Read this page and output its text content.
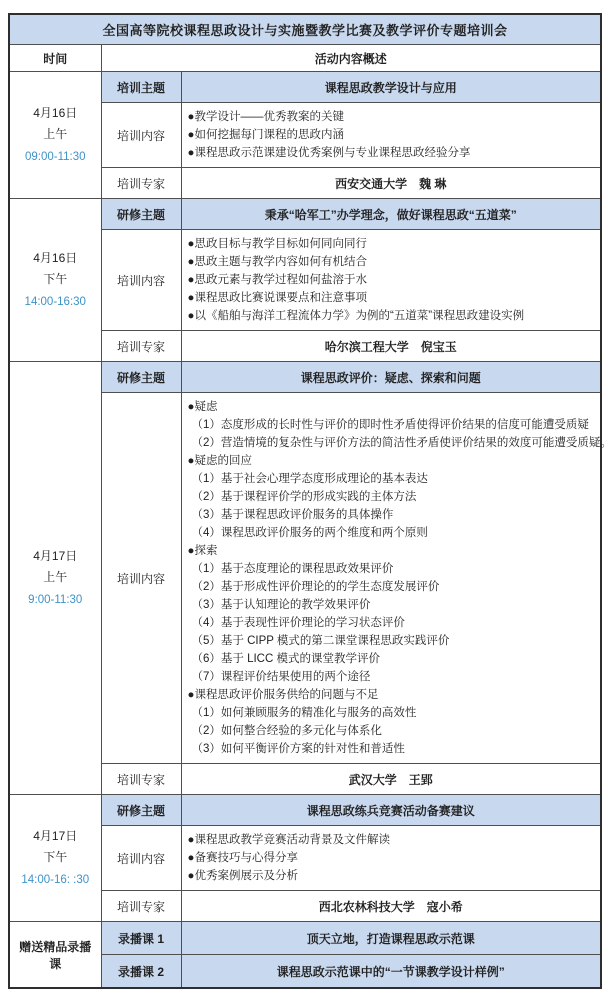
全国高等院校课程思政设计与实施暨教学比赛及教学评价专题培训会		
时间	活动内容概述	

4月16日
上午
09:00-11:30	培训主题	课程思政教学设计与应用
	培训内容	●教学设计——优秀教案的关键
●如何挖掘每门课程的思政内涵
●课程思政示范课建设优秀案例与专业课程思政经验分享

	培训专家	西安交通大学　魏 琳

4月16日
下午
14:00-16:30	研修主题	秉承“哈军工”办学理念，做好课程思政“五道菜”
	培训内容	●思政目标与教学目标如何同向同行
●思政主题与教学内容如何有机结合
●思政元素与教学过程如何盐溶于水
●课程思政比赛说课要点和注意事项
●以《船舶与海洋工程流体力学》为例的“五道菜”课程思政建设实例

	培训专家	哈尔滨工程大学　倪宝玉

4月17日
上午
9:00-11:30	研修主题	课程思政评价：疑虑、探索和问题
培训内容	
●疑虑
（1）态度形成的长时性与评价的即时性矛盾使得评价结果的信度可能遭受质疑
（2）营造情境的复杂性与评价方法的简洁性矛盾使评价结果的效度可能遭受质疑。
●疑虑的回应
（1）基于社会心理学态度形成理论的基本表达
（2）基于课程评价学的形成实践的主体方法
（3）基于课程思政评价服务的具体操作
（4）课程思政评价服务的两个维度和两个原则
●探索
（1）基于态度理论的课程思政效果评价
（2）基于形成性评价理论的的学生态度发展评价
（3）基于认知理论的教学效果评价
（4）基于表现性评价理论的学习状态评价
（5）基于 CIPP 模式的第二课堂课程思政实践评价
（6）基于 LICC 模式的课堂教学评价
（7）课程评价结果使用的两个途径
●课程思政评价服务供给的问题与不足
（1）如何兼顾服务的精准化与服务的高效性
（2）如何整合经验的多元化与体系化
（3）如何平衡评价方案的针对性和普适性

	培训专家	武汉大学　王郢

4月17日
下午
14:00-16: :30	研修主题	课程思政练兵竞赛活动备赛建议
	培训内容	●课程思政教学竞赛活动背景及文件解读
●备赛技巧与心得分享
●优秀案例展示及分析

	培训专家	西北农林科技大学　寇小希
赠送精品录播课	录播课 1	顶天立地，打造课程思政示范课
	录播课 2	课程思政示范课中的“一节课教学设计样例”
